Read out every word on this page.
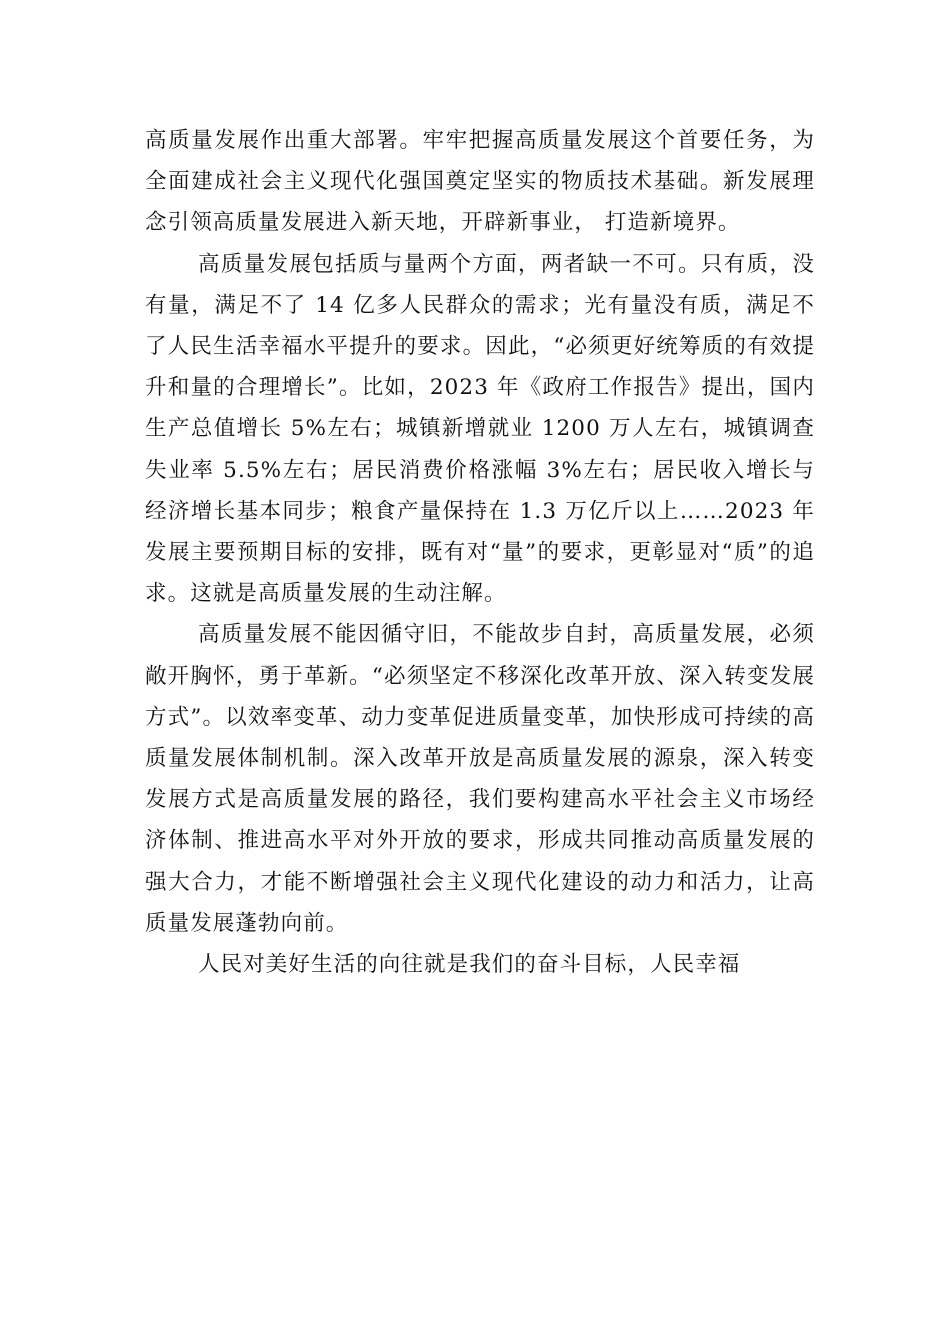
高质量发展作出重大部署。牢牢把握高质量发展这个首要任务，为全面建成社会主义现代化强国奠定坚实的物质技术基础。新发展理念引领高质量发展进入新天地，开辟新事业， 打造新境界。

高质量发展包括质与量两个方面，两者缺一不可。只有质，没有量，满足不了 14 亿多人民群众的需求；光有量没有质，满足不了人民生活幸福水平提升的要求。因此，“必须更好统筹质的有效提升和量的合理增长”。比如，2023 年《政府工作报告》提出，国内生产总值增长 5%左右；城镇新增就业 1200 万人左右，城镇调查失业率 5.5%左右；居民消费价格涨幅 3%左右；居民收入增长与经济增长基本同步；粮食产量保持在 1.3 万亿斤以上……2023 年发展主要预期目标的安排，既有对“量”的要求，更彰显对“质”的追求。这就是高质量发展的生动注解。

高质量发展不能因循守旧，不能故步自封，高质量发展，必须敞开胸怀，勇于革新。“必须坚定不移深化改革开放、深入转变发展方式”。以效率变革、动力变革促进质量变革，加快形成可持续的高质量发展体制机制。深入改革开放是高质量发展的源泉，深入转变发展方式是高质量发展的路径，我们要构建高水平社会主义市场经济体制、推进高水平对外开放的要求，形成共同推动高质量发展的强大合力，才能不断增强社会主义现代化建设的动力和活力，让高质量发展蓬勃向前。

人民对美好生活的向往就是我们的奋斗目标，人民幸福
